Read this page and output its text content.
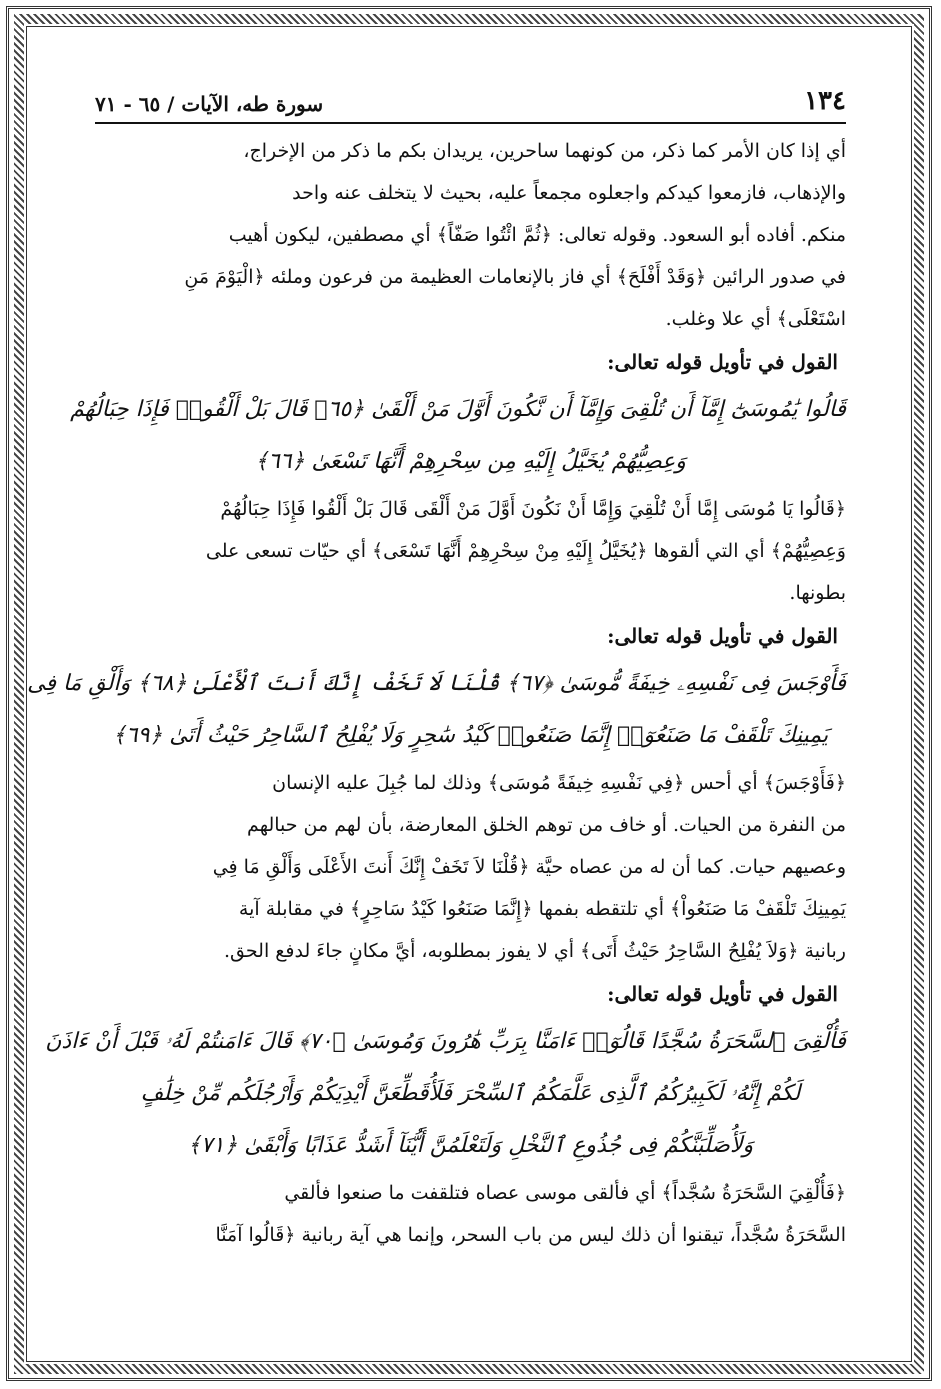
١٣٤
سورة طه، الآيات / ٦٥ - ٧١

أي إذا كان الأمر كما ذكر، من كونهما ساحرين، يريدان بكم ما ذكر من الإخراج،

والإذهاب، فازمعوا كيدكم واجعلوه مجمعاً عليه، بحيث لا يتخلف عنه واحد

منكم. أفاده أبو السعود. وقوله تعالى: ﴿ثُمَّ ائْتُوا صَفّاً﴾ أي مصطفين، ليكون أهيب

في صدور الرائين ﴿وَقَدْ أَفْلَحَ﴾ أي فاز بالإنعامات العظيمة من فرعون وملئه ﴿الْيَوْمَ مَنِ

اسْتَعْلَى﴾ أي علا وغلب.

القول في تأويل قوله تعالى:
قَالُوا يَٰمُوسَىٰٓ إِمَّآ أَن تُلْقِىَ وَإِمَّآ أَن نَّكُونَ أَوَّلَ مَنْ أَلْقَىٰ ﴿٦٥﴾ قَالَ بَلْ أَلْقُوا۟ فَإِذَا حِبَالُهُمْ
وَعِصِيُّهُمْ يُخَيَّلُ إِلَيْهِ مِن سِحْرِهِمْ أَنَّهَا تَسْعَىٰ ﴿٦٦﴾

﴿قَالُوا يَا مُوسَى إِمَّا أَنْ تُلْقِيَ وَإِمَّا أَنْ نَكُونَ أَوَّلَ مَنْ أَلْقَى قَالَ بَلْ أَلْقُوا فَإِذَا حِبَالُهُمْ

وَعِصِيُّهُمْ﴾ أي التي ألقوها ﴿يُخَيَّلُ إِلَيْهِ مِنْ سِحْرِهِمْ أَنَّهَا تَسْعَى﴾ أي حيّات تسعى على

بطونها.

القول في تأويل قوله تعالى:
فَأَوْجَسَ فِى نَفْسِهِۦ خِيفَةً مُّوسَىٰ ﴿٦٧﴾ قُلْنَا لَا تَخَفْ إِنَّكَ أَنتَ ٱلْأَعْلَىٰ ﴿٦٨﴾ وَأَلْقِ مَا فِى
يَمِينِكَ تَلْقَفْ مَا صَنَعُوٓا۟ إِنَّمَا صَنَعُوا۟ كَيْدُ سَٰحِرٍ وَلَا يُفْلِحُ ٱلسَّاحِرُ حَيْثُ أَتَىٰ ﴿٦٩﴾

﴿فَأَوْجَسَ﴾ أي أحس ﴿فِي نَفْسِهِ خِيفَةً مُوسَى﴾ وذلك لما جُبِلَ عليه الإنسان

من النفرة من الحيات. أو خاف من توهم الخلق المعارضة، بأن لهم من حبالهم

وعصيهم حيات. كما أن له من عصاه حيَّة ﴿قُلْنَا لاَ تَخَفْ إِنَّكَ أَنتَ الأَعْلَى وَأَلْقِ مَا فِي

يَمِينِكَ تَلْقَفْ مَا صَنَعُواْ﴾ أي تلتقطه بفمها ﴿إِنَّمَا صَنَعُوا كَيْدُ سَاحِرٍ﴾ في مقابلة آية

ربانية ﴿وَلاَ يُفْلِحُ السَّاحِرُ حَيْثُ أَتَى﴾ أي لا يفوز بمطلوبه، أيَّ مكانٍ جاءَ لدفع الحق.

القول في تأويل قوله تعالى:
فَأُلْقِىَ ٱلسَّحَرَةُ سُجَّدًا قَالُوٓا۟ ءَامَنَّا بِرَبِّ هَٰرُونَ وَمُوسَىٰ ﴿٧٠﴾ قَالَ ءَامَنتُمْ لَهُۥ قَبْلَ أَنْ ءَاذَنَ
لَكُمْ إِنَّهُۥ لَكَبِيرُكُمُ ٱلَّذِى عَلَّمَكُمُ ٱلسِّحْرَ فَلَأُقَطِّعَنَّ أَيْدِيَكُمْ وَأَرْجُلَكُم مِّنْ خِلَٰفٍ
وَلَأُصَلِّبَنَّكُمْ فِى جُذُوعِ ٱلنَّخْلِ وَلَتَعْلَمُنَّ أَيُّنَآ أَشَدُّ عَذَابًا وَأَبْقَىٰ ﴿٧١﴾

﴿فَأُلْقِيَ السَّحَرَةُ سُجَّداً﴾ أي فألقى موسى عصاه فتلقفت ما صنعوا فألقي

السَّحَرَةُ سُجَّداً، تيقنوا أن ذلك ليس من باب السحر، وإنما هي آية ربانية ﴿قَالُوا آمَنَّا
